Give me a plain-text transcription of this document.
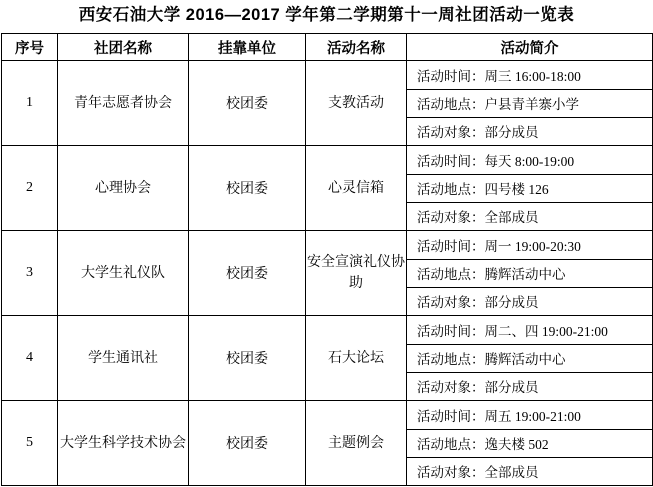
西安石油大学 2016—2017 学年第二学期第十一周社团活动一览表
序号	社团名称	挂靠单位	活动名称	活动简介
1	青年志愿者协会	校团委	支教活动	活动时间：周三 16:00-18:00
活动地点：户县青羊寨小学
活动对象：部分成员

2	心理协会	校团委	心灵信箱	活动时间：每天 8:00-19:00
活动地点：四号楼 126
活动对象：全部成员

3	大学生礼仪队	校团委	安全宣演礼仪协助	活动时间：周一 19:00-20:30
活动地点：腾辉活动中心
活动对象：部分成员

4	学生通讯社	校团委	石大论坛	活动时间：周二、四 19:00-21:00
活动地点：腾辉活动中心
活动对象：部分成员

5	大学生科学技术协会	校团委	主题例会	活动时间：周五 19:00-21:00
活动地点：逸夫楼 502
活动对象：全部成员
